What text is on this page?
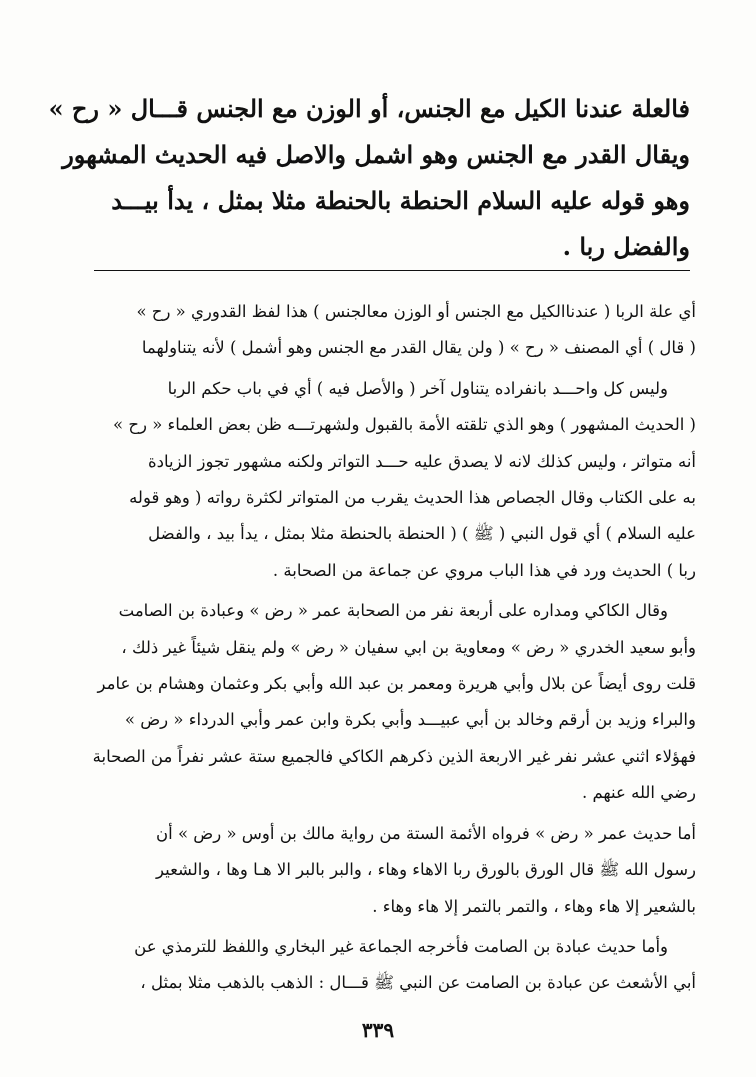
فالعلة عندنا الكيل مع الجنس، أو الوزن مع الجنس قـــال « رح »

ويقال القدر مع الجنس وهو اشمل والاصل فيه الحديث المشهور

وهو قوله عليه السلام الحنطة بالحنطة مثلا بمثل ، يدأ بيـــد

والفضل ربا .

أي علة الربا ( عندناالكيل مع الجنس أو الوزن معالجنس ) هذا لفظ القدوري « رح »

( قال ) أي المصنف « رح » ( ولن يقال القدر مع الجنس وهو أشمل ) لأنه يتناولهما

وليس كل واحـــد بانفراده يتناول آخر ( والأصل فيه ) أي في باب حكم الربا

( الحديث المشهور ) وهو الذي تلقته الأمة بالقبول ولشهرتـــه ظن بعض العلماء « رح »

أنه متواتر ، وليس كذلك لانه لا يصدق عليه حـــد التواتر ولكنه مشهور تجوز الزيادة

به على الكتاب وقال الجصاص هذا الحديث يقرب من المتواتر لكثرة رواته ( وهو قوله

عليه السلام ) أي قول النبي ( ﷺ ) ( الحنطة بالحنطة مثلا بمثل ، يدأ بيد ، والفضل

ربا ) الحديث ورد في هذا الباب مروي عن جماعة من الصحابة .

وقال الكاكي ومداره على أربعة نفر من الصحابة عمر « رض » وعبادة بن الصامت

وأبو سعيد الخدري « رض » ومعاوية بن ابي سفيان « رض » ولم ينقل شيئاً غير ذلك ،

قلت روى أيضاً عن بلال وأبي هريرة ومعمر بن عبد الله وأبي بكر وعثمان وهشام بن عامر

والبراء وزيد بن أرقم وخالد بن أبي عبيـــد وأبي بكرة وابن عمر وأبي الدرداء « رض »

فهؤلاء اثني عشر نفر غير الاربعة الذين ذكرهم الكاكي فالجميع ستة عشر نفراً من الصحابة

رضي الله عنهم .

أما حديث عمر « رض » فرواه الأئمة الستة من رواية مالك بن أوس « رض » أن

رسول الله ﷺ قال الورق بالورق ربا الاهاء وهاء ، والبر بالبر الا هـا وها ، والشعير

بالشعير إلا هاء وهاء ، والتمر بالتمر إلا هاء وهاء .

وأما حديث عبادة بن الصامت فأخرجه الجماعة غير البخاري واللفظ للترمذي عن

أبي الأشعث عن عبادة بن الصامت عن النبي ﷺ قـــال : الذهب بالذهب مثلا بمثل ،

٣٣٩
